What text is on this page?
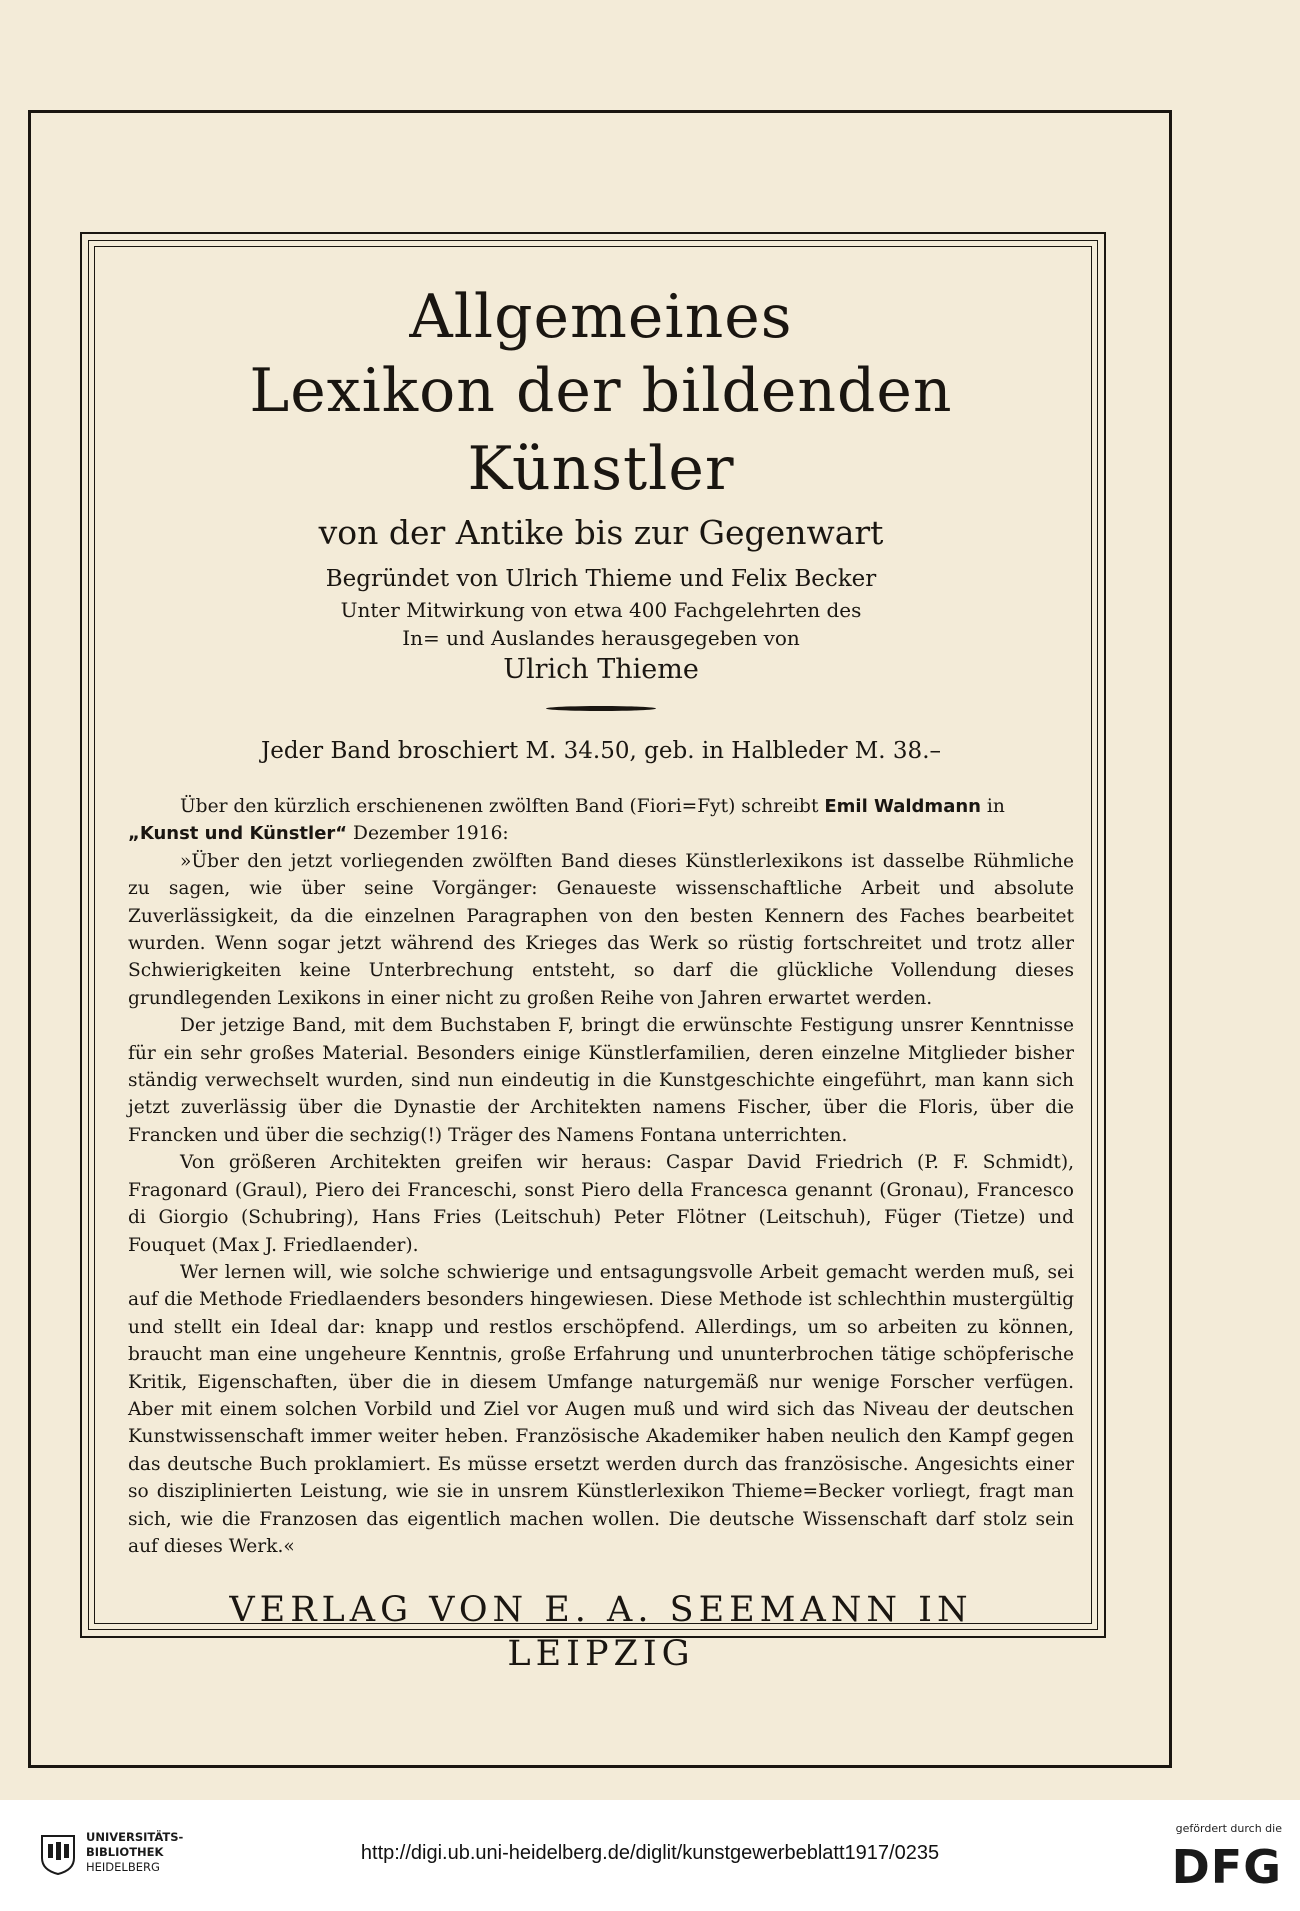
Allgemeines
Lexikon der bildenden Künstler
von der Antike bis zur Gegenwart
Begründet von Ulrich Thieme und Felix Becker
Unter Mitwirkung von etwa 400 Fachgelehrten des
In= und Auslandes herausgegeben von
Ulrich Thieme
Jeder Band broschiert M. 34.50, geb. in Halbleder M. 38.–

Über den kürzlich erschienenen zwölften Band (Fiori=Fyt) schreibt Emil Waldmann in
„Kunst und Künstler“ Dezember 1916:

»Über den jetzt vorliegenden zwölften Band dieses Künstlerlexikons ist dasselbe Rühmliche zu sagen, wie über seine Vorgänger: Genaueste wissenschaftliche Arbeit und absolute Zuverlässigkeit, da die einzelnen Paragraphen von den besten Kennern des Faches bearbeitet wurden. Wenn sogar jetzt während des Krieges das Werk so rüstig fortschreitet und trotz aller Schwierigkeiten keine Unterbrechung entsteht, so darf die glückliche Vollendung dieses grundlegenden Lexikons in einer nicht zu großen Reihe von Jahren erwartet werden.

Der jetzige Band, mit dem Buchstaben F, bringt die erwünschte Festigung unsrer Kenntnisse für ein sehr großes Material. Besonders einige Künstlerfamilien, deren einzelne Mitglieder bisher ständig verwechselt wurden, sind nun eindeutig in die Kunstgeschichte eingeführt, man kann sich jetzt zuverlässig über die Dynastie der Architekten namens Fischer, über die Floris, über die Francken und über die sechzig(!) Träger des Namens Fontana unterrichten.

Von größeren Architekten greifen wir heraus: Caspar David Friedrich (P. F. Schmidt), Fragonard (Graul), Piero dei Franceschi, sonst Piero della Francesca genannt (Gronau), Francesco di Giorgio (Schubring), Hans Fries (Leitschuh) Peter Flötner (Leitschuh), Füger (Tietze) und Fouquet (Max J. Friedlaender).

Wer lernen will, wie solche schwierige und entsagungsvolle Arbeit gemacht werden muß, sei auf die Methode Friedlaenders besonders hingewiesen. Diese Methode ist schlechthin mustergültig und stellt ein Ideal dar: knapp und restlos erschöpfend. Allerdings, um so arbeiten zu können, braucht man eine ungeheure Kenntnis, große Erfahrung und ununterbrochen tätige schöpferische Kritik, Eigenschaften, über die in diesem Umfange naturgemäß nur wenige Forscher verfügen. Aber mit einem solchen Vorbild und Ziel vor Augen muß und wird sich das Niveau der deutschen Kunstwissenschaft immer weiter heben. Französische Akademiker haben neulich den Kampf gegen das deutsche Buch proklamiert. Es müsse ersetzt werden durch das französische. Angesichts einer so disziplinierten Leistung, wie sie in unsrem Künstlerlexikon Thieme=Becker vorliegt, fragt man sich, wie die Franzosen das eigentlich machen wollen. Die deutsche Wissenschaft darf stolz sein auf dieses Werk.«

VERLAG VON E. A. SEEMANN IN LEIPZIG
UNIVERSITÄTS-
BIBLIOTHEK
HEIDELBERG
http://digi.ub.uni-heidelberg.de/diglit/kunstgewerbeblatt1917/0235
gefördert durch die
DFG
